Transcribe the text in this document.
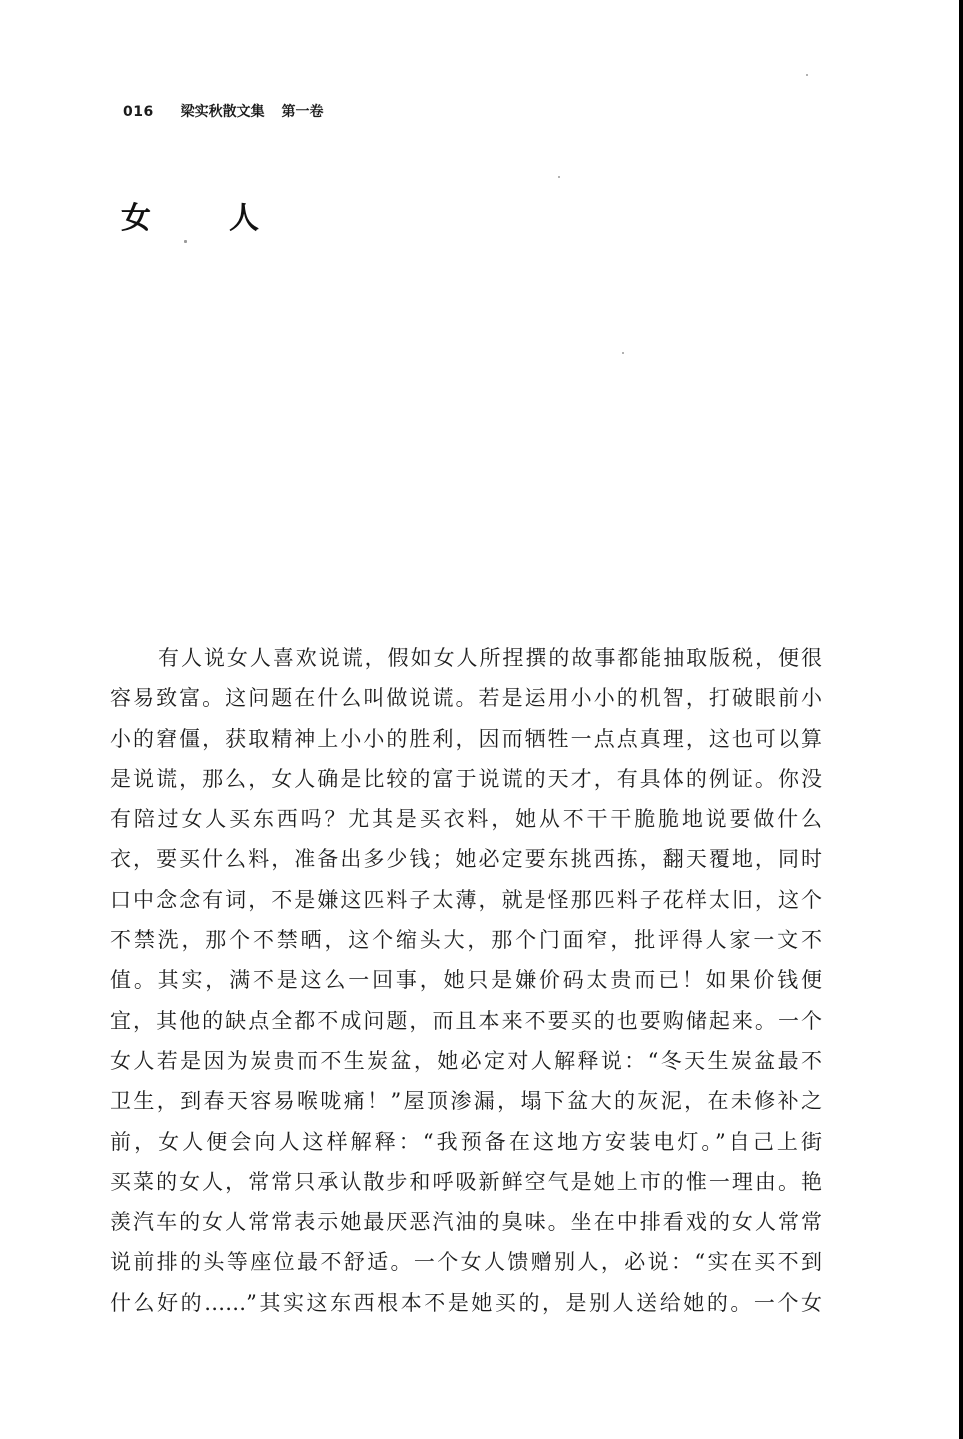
016 梁实秋散文集 第一卷
女　人
有人说女人喜欢说谎，假如女人所捏撰的故事都能抽取版税，便很
容易致富。这问题在什么叫做说谎。若是运用小小的机智，打破眼前小
小的窘僵，获取精神上小小的胜利，因而牺牲一点点真理，这也可以算
是说谎，那么，女人确是比较的富于说谎的天才，有具体的例证。你没
有陪过女人买东西吗？尤其是买衣料，她从不干干脆脆地说要做什么
衣，要买什么料，准备出多少钱；她必定要东挑西拣，翻天覆地，同时
口中念念有词，不是嫌这匹料子太薄，就是怪那匹料子花样太旧，这个
不禁洗，那个不禁晒，这个缩头大，那个门面窄，批评得人家一文不
值。其实，满不是这么一回事，她只是嫌价码太贵而已！如果价钱便
宜，其他的缺点全都不成问题，而且本来不要买的也要购储起来。一个
女人若是因为炭贵而不生炭盆，她必定对人解释说：“冬天生炭盆最不
卫生，到春天容易喉咙痛！”屋顶渗漏，塌下盆大的灰泥，在未修补之
前，女人便会向人这样解释：“我预备在这地方安装电灯。”自己上街
买菜的女人，常常只承认散步和呼吸新鲜空气是她上市的惟一理由。艳
羡汽车的女人常常表示她最厌恶汽油的臭味。坐在中排看戏的女人常常
说前排的头等座位最不舒适。一个女人馈赠别人，必说：“实在买不到
什么好的……”其实这东西根本不是她买的，是别人送给她的。一个女
